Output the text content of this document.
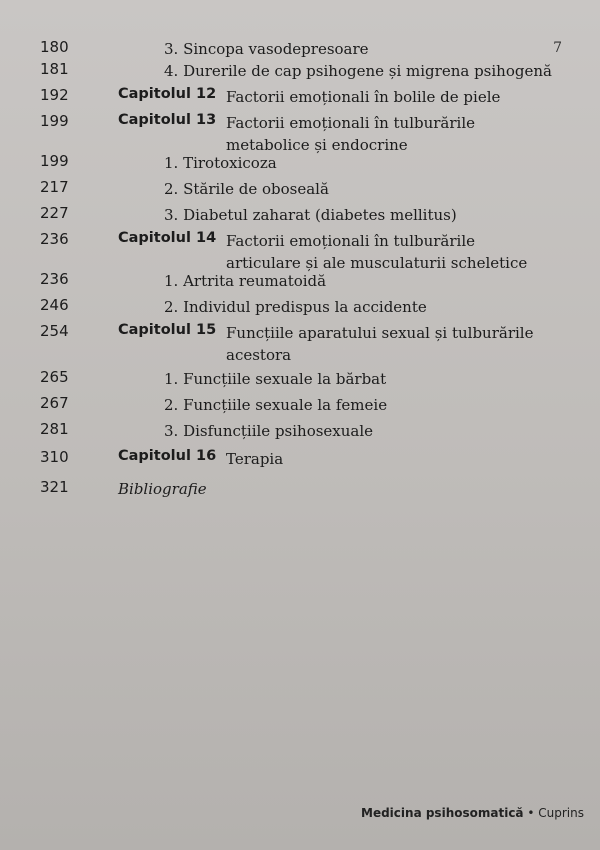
7
180	3. Sincopa vasodepresoare
181	4. Durerile de cap psihogene și migrena psihogenă
192	Capitolul 12 Factorii emoționali în bolile de piele
199	Capitolul 13 Factorii emoționali în tulburările
metabolice și endocrine
199	1. Tirotoxicoza
217	2. Stările de oboseală
227	3. Diabetul zaharat (diabetes mellitus)
236	Capitolul 14 Factorii emoționali în tulburările
articulare și ale musculaturii scheletice
236	1. Artrita reumatoidă
246	2. Individul predispus la accidente
254	Capitolul 15 Funcțiile aparatului sexual și tulburările
acestora
265	1. Funcțiile sexuale la bărbat
267	2. Funcțiile sexuale la femeie
281	3. Disfuncțiile psihosexuale
310	Capitolul 16 Terapia
321	Bibliografie
Medicina psihosomatică • Cuprins
